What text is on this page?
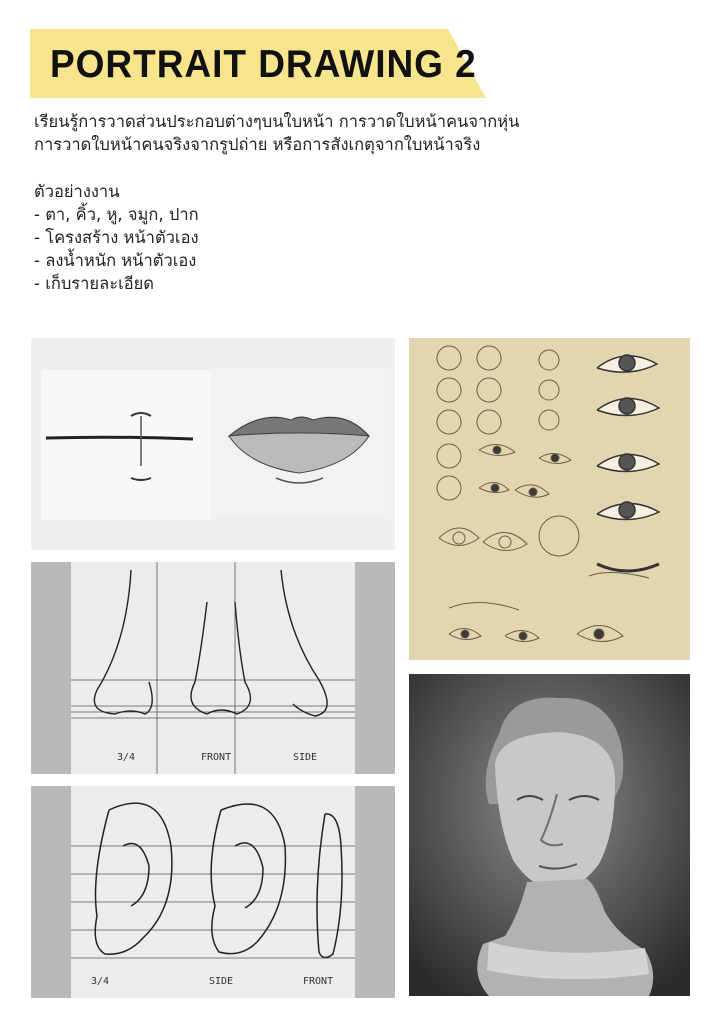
PORTRAIT DRAWING 2
เรียนรู้การวาดส่วนประกอบต่างๆบนใบหน้า การวาดใบหน้าคนจากหุ่น
การวาดใบหน้าคนจริงจากรูปถ่าย หรือการสังเกตุจากใบหน้าจริง
ตัวอย่างงาน
- ตา, คิ้ว, หู, จมูก, ปาก
- โครงสร้าง หน้าตัวเอง
- ลงน้ำหนัก หน้าตัวเอง
- เก็บรายละเอียด
3/4	FRONT	SIDE
3/4	SIDE	FRONT
